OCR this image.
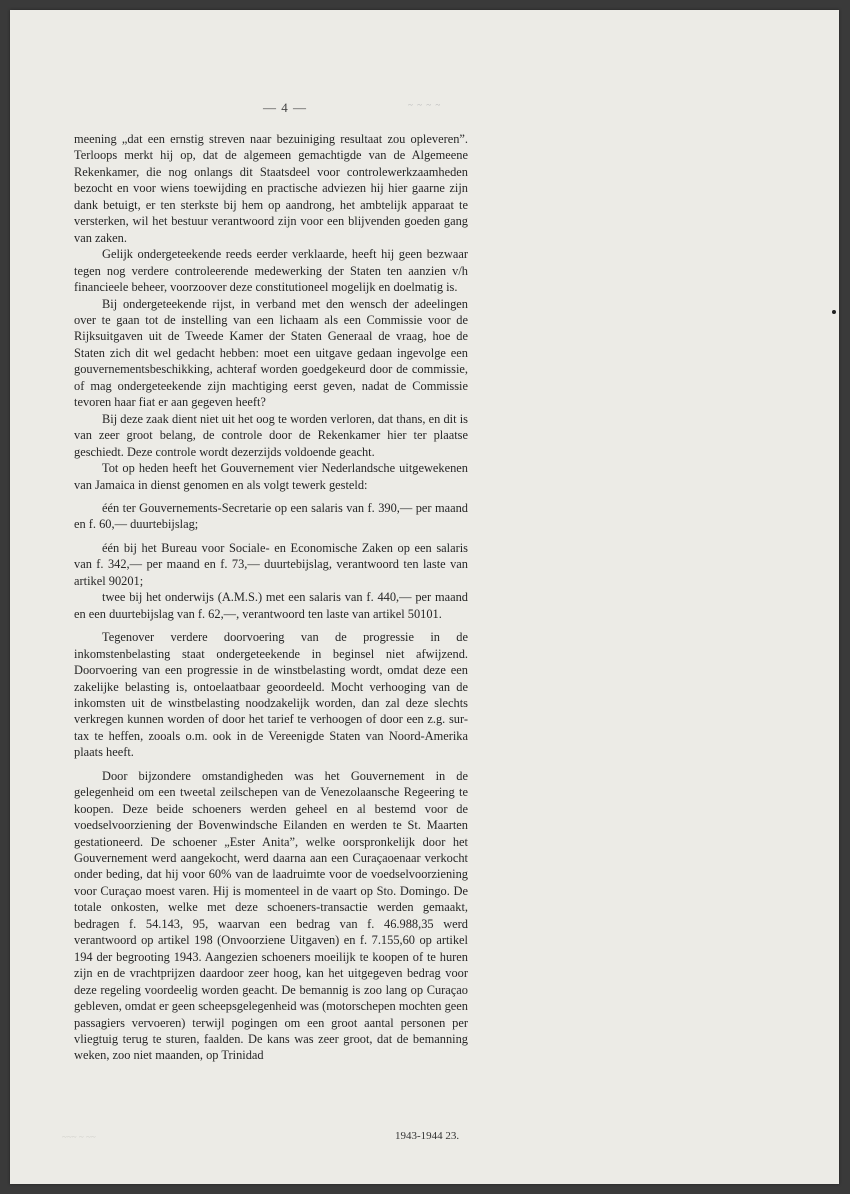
— 4 —	~ ~ ~ ~

meening „dat een ernstig streven naar bezuiniging resultaat zou opleveren”. Terloops merkt hij op, dat de algemeen gemachtigde van de Algemeene Rekenkamer, die nog onlangs dit Staatsdeel voor controlewerkzaamheden bezocht en voor wiens toewijding en practische adviezen hij hier gaarne zijn dank betuigt, er ten sterkste bij hem op aandrong, het ambtelijk apparaat te versterken, wil het bestuur verantwoord zijn voor een blijvenden goeden gang van zaken.

Gelijk ondergeteekende reeds eerder verklaarde, heeft hij geen bezwaar tegen nog verdere controleerende medewerking der Staten ten aanzien v/h financieele beheer, voorzoover deze constitutioneel mogelijk en doelmatig is.

Bij ondergeteekende rijst, in verband met den wensch der adeelingen over te gaan tot de instelling van een lichaam als een Commissie voor de Rijksuitgaven uit de Tweede Kamer der Staten Generaal de vraag, hoe de Staten zich dit wel gedacht hebben: moet een uitgave gedaan ingevolge een gouvernementsbeschikking, achteraf worden goedgekeurd door de commissie, of mag ondergeteekende zijn machtiging eerst geven, nadat de Commissie tevoren haar fiat er aan gegeven heeft?

Bij deze zaak dient niet uit het oog te worden verloren, dat thans, en dit is van zeer groot belang, de controle door de Rekenkamer hier ter plaatse geschiedt. Deze controle wordt dezerzijds voldoende geacht.

Tot op heden heeft het Gouvernement vier Nederlandsche uitgewekenen van Jamaica in dienst genomen en als volgt tewerk gesteld:

één ter Gouvernements-Secretarie op een salaris van f. 390,— per maand en f. 60,— duurtebijslag;

één bij het Bureau voor Sociale- en Economische Zaken op een salaris van f. 342,— per maand en f. 73,— duurtebijslag, verantwoord ten laste van artikel 90201;

twee bij het onderwijs (A.M.S.) met een salaris van f. 440,— per maand en een duurtebijslag van f. 62,—, verantwoord ten laste van artikel 50101.

Tegenover verdere doorvoering van de progressie in de inkomstenbelasting staat ondergeteekende in beginsel niet afwijzend. Doorvoering van een progressie in de winstbelasting wordt, omdat deze een zakelijke belasting is, ontoelaatbaar geoordeeld. Mocht verhooging van de inkomsten uit de winstbelasting noodzakelijk worden, dan zal deze slechts verkregen kunnen worden of door het tarief te verhoogen of door een z.g. sur-tax te heffen, zooals o.m. ook in de Vereenigde Staten van Noord-Amerika plaats heeft.

Door bijzondere omstandigheden was het Gouvernement in de gelegenheid om een tweetal zeilschepen van de Venezolaansche Regeering te koopen. Deze beide schoeners werden geheel en al bestemd voor de voedselvoorziening der Bovenwindsche Eilanden en werden te St. Maarten gestationeerd. De schoener „Ester Anita”, welke oorspronkelijk door het Gouvernement werd aangekocht, werd daarna aan een Curaçaoenaar verkocht onder beding, dat hij voor 60% van de laadruimte voor de voedselvoorziening voor Curaçao moest varen. Hij is momenteel in de vaart op Sto. Domingo. De totale onkosten, welke met deze schoeners-transactie werden gemaakt, bedragen f. 54.143, 95, waarvan een bedrag van f. 46.988,35 werd verantwoord op artikel 198 (Onvoorziene Uitgaven) en f. 7.155,60 op artikel 194 der begrooting 1943. Aangezien schoeners moeilijk te koopen of te huren zijn en de vrachtprijzen daardoor zeer hoog, kan het uitgegeven bedrag voor deze regeling voordeelig worden geacht. De bemannig is zoo lang op Curaçao gebleven, omdat er geen scheepsgelegenheid was (motorschepen mochten geen passagiers vervoeren) terwijl pogingen om een groot aantal personen per vliegtuig terug te sturen, faalden. De kans was zeer groot, dat de bemanning weken, zoo niet maanden, op Trinidad

~~~ ~ ~~	1943-1944 23.
